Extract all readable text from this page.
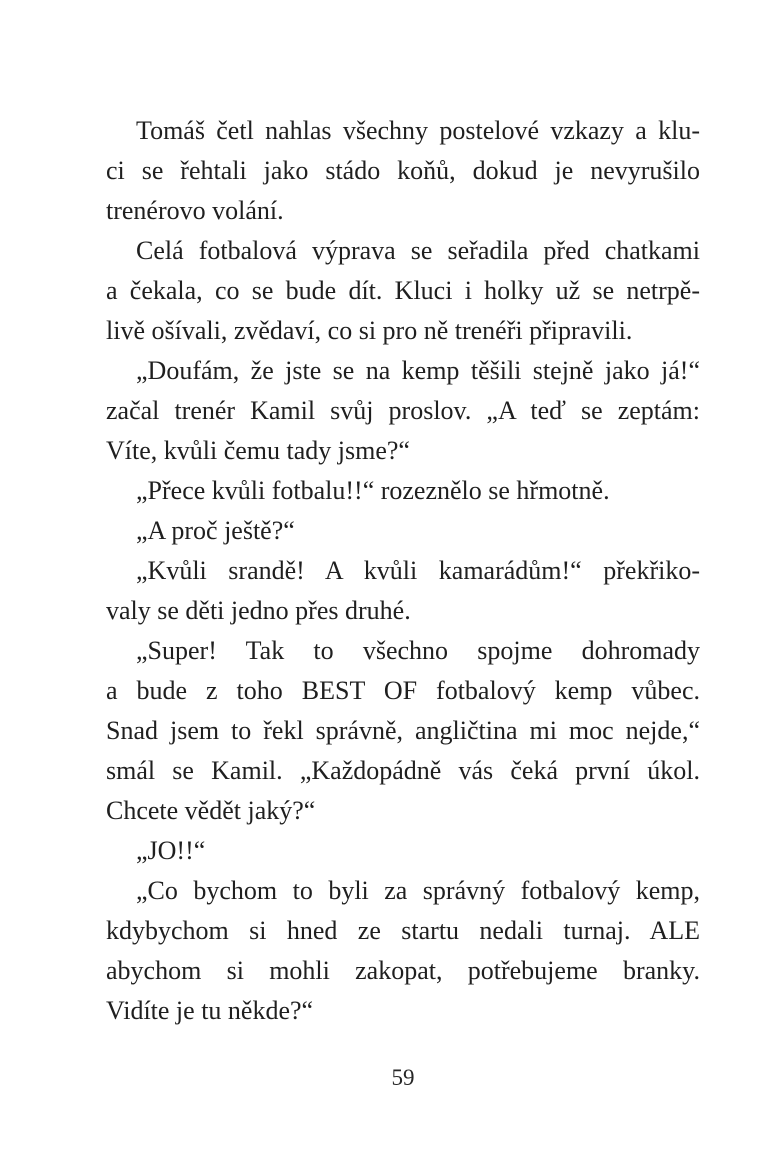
Tomáš četl nahlas všechny postelové vzkazy a klu-
ci se řehtali jako stádo koňů, dokud je nevyrušilo
trenérovo volání.
Celá fotbalová výprava se seřadila před chatkami
a čekala, co se bude dít. Kluci i holky už se netrpě-
livě ošívali, zvědaví, co si pro ně trenéři připravili.
„Doufám, že jste se na kemp těšili stejně jako já!“
začal trenér Kamil svůj proslov. „A teď se zeptám:
Víte, kvůli čemu tady jsme?“
„Přece kvůli fotbalu!!“ rozeznělo se hřmotně.
„A proč ještě?“
„Kvůli srandě! A kvůli kamarádům!“ překřiko-
valy se děti jedno přes druhé.
„Super! Tak to všechno spojme dohromady
a bude z toho BEST OF fotbalový kemp vůbec.
Snad jsem to řekl správně, angličtina mi moc nejde,“
smál se Kamil. „Každopádně vás čeká první úkol.
Chcete vědět jaký?“
„JO!!“
„Co bychom to byli za správný fotbalový kemp,
kdybychom si hned ze startu nedali turnaj. ALE
abychom si mohli zakopat, potřebujeme branky.
Vidíte je tu někde?“
59
